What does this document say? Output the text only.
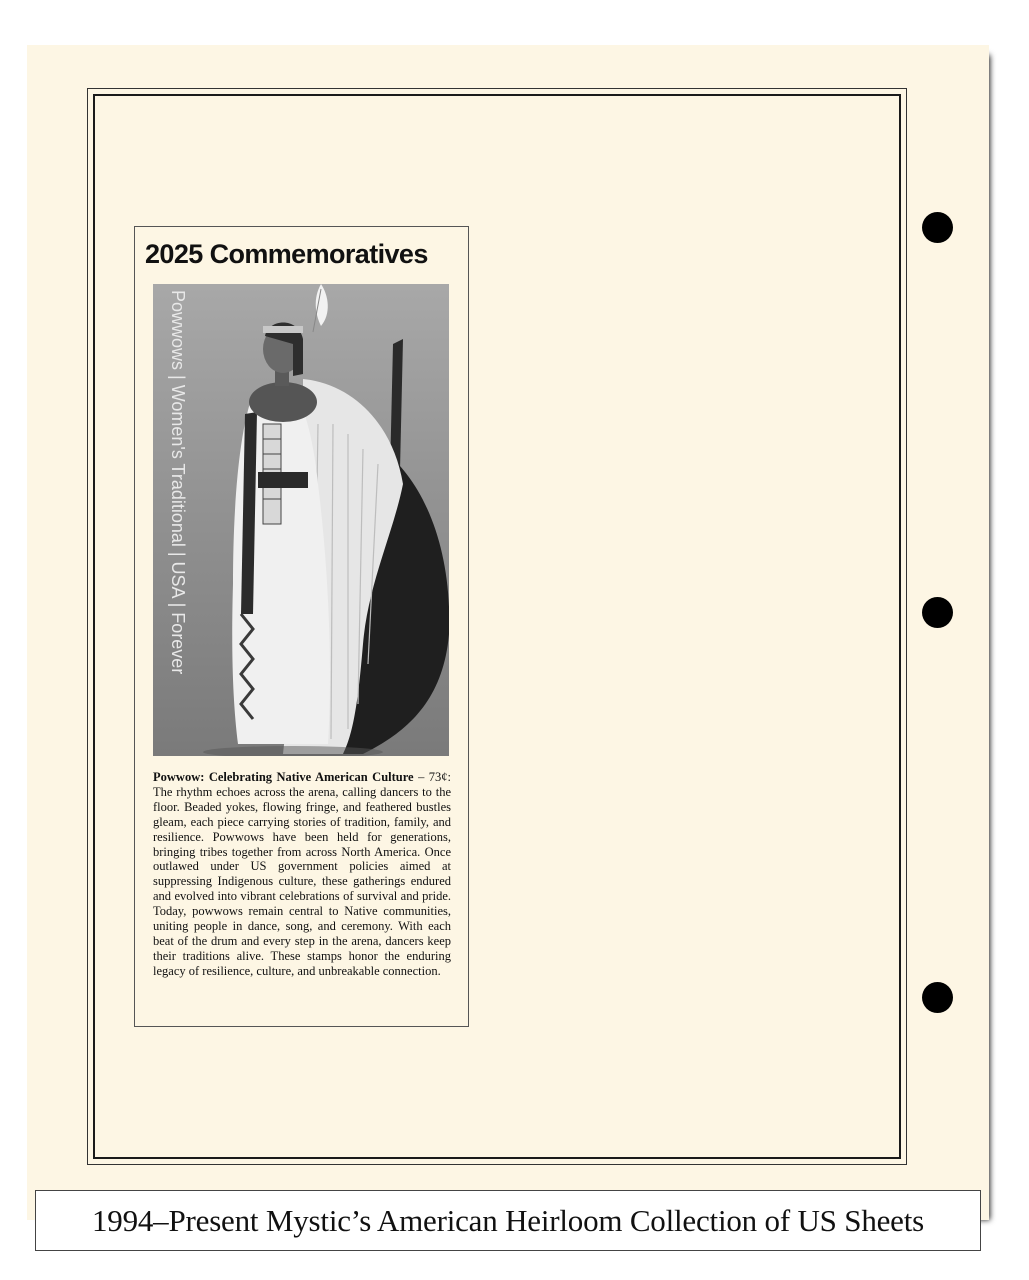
2025 Commemoratives
Powwows | Women's Traditional | USA | Forever
Powwow: Celebrating Native American Culture – 73¢: The rhythm echoes across the arena, calling dancers to the floor. Beaded yokes, flowing fringe, and feathered bustles gleam, each piece carrying stories of tradition, family, and resilience. Powwows have been held for generations, bringing tribes together from across North America. Once outlawed under US government policies aimed at suppressing Indigenous culture, these gatherings endured and evolved into vibrant celebrations of survival and pride. Today, powwows remain central to Native communities, uniting people in dance, song, and ceremony. With each beat of the drum and every step in the arena, dancers keep their traditions alive. These stamps honor the enduring legacy of resilience, culture, and unbreakable connection.
1994–Present Mystic’s American Heirloom Collection of US Sheets
